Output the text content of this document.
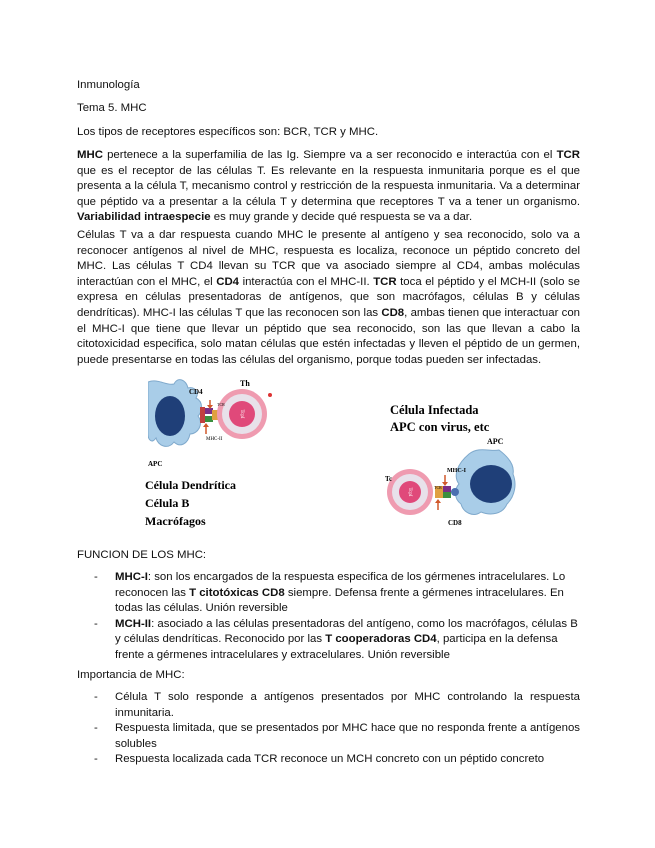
Inmunología
Tema 5. MHC
Los tipos de receptores específicos son: BCR, TCR y MHC.
MHC pertenece a la superfamilia de las Ig. Siempre va a ser reconocido e interactúa con el TCR que es el receptor de las células T. Es relevante en la respuesta inmunitaria porque es el que presenta a la célula T, mecanismo control y restricción de la respuesta inmunitaria. Va a determinar que péptido va a presentar a la célula T y determina que receptores T va a tener un organismo. Variabilidad intraespecie es muy grande y decide qué respuesta se va a dar.
Células T va a dar respuesta cuando MHC le presente al antígeno y sea reconocido, solo va a reconocer antígenos al nivel de MHC, respuesta es localiza, reconoce un péptido concreto del MHC. Las células T CD4 llevan su TCR que va asociado siempre al CD4, ambas moléculas interactúan con el MHC, el CD4 interactúa con el MHC-II. TCR toca el péptido y el MCH-II (solo se expresa en células presentadoras de antígenos, que son macrófagos, células B y células dendríticas). MHC-I las células T que las reconocen son las CD8, ambas tienen que interactuar con el MHC-I que tiene que llevar un péptido que sea reconocido, son las que llevan a cabo la citotoxicidad especifica, solo matan células que estén infectadas y lleven el péptido de un germen, puede presentarse en todas las células del organismo, porque todas pueden ser infectadas.
TcpI
CD4
Th
TCR
MHC-II
APC
Célula Dendrítica
Célula B
Macrófagos
Célula Infectada
APC con virus, etc
TcpI
APC
Tc
MHC-I
TCR
CD8
FUNCION DE LOS MHC:
- MHC-I: son los encargados de la respuesta especifica de los gérmenes intracelulares. Lo reconocen las T citotóxicas CD8 siempre. Defensa frente a gérmenes intracelulares. En todas las células. Unión reversible
- MCH-II: asociado a las células presentadoras del antígeno, como los macrófagos, células B y células dendríticas. Reconocido por las T cooperadoras CD4, participa en la defensa frente a gérmenes intracelulares y extracelulares. Unión reversible
Importancia de MHC:
- Célula T solo responde a antígenos presentados por MHC controlando la respuesta inmunitaria.
- Respuesta limitada, que se presentados por MHC hace que no responda frente a antígenos solubles
- Respuesta localizada cada TCR reconoce un MCH concreto con un péptido concreto
